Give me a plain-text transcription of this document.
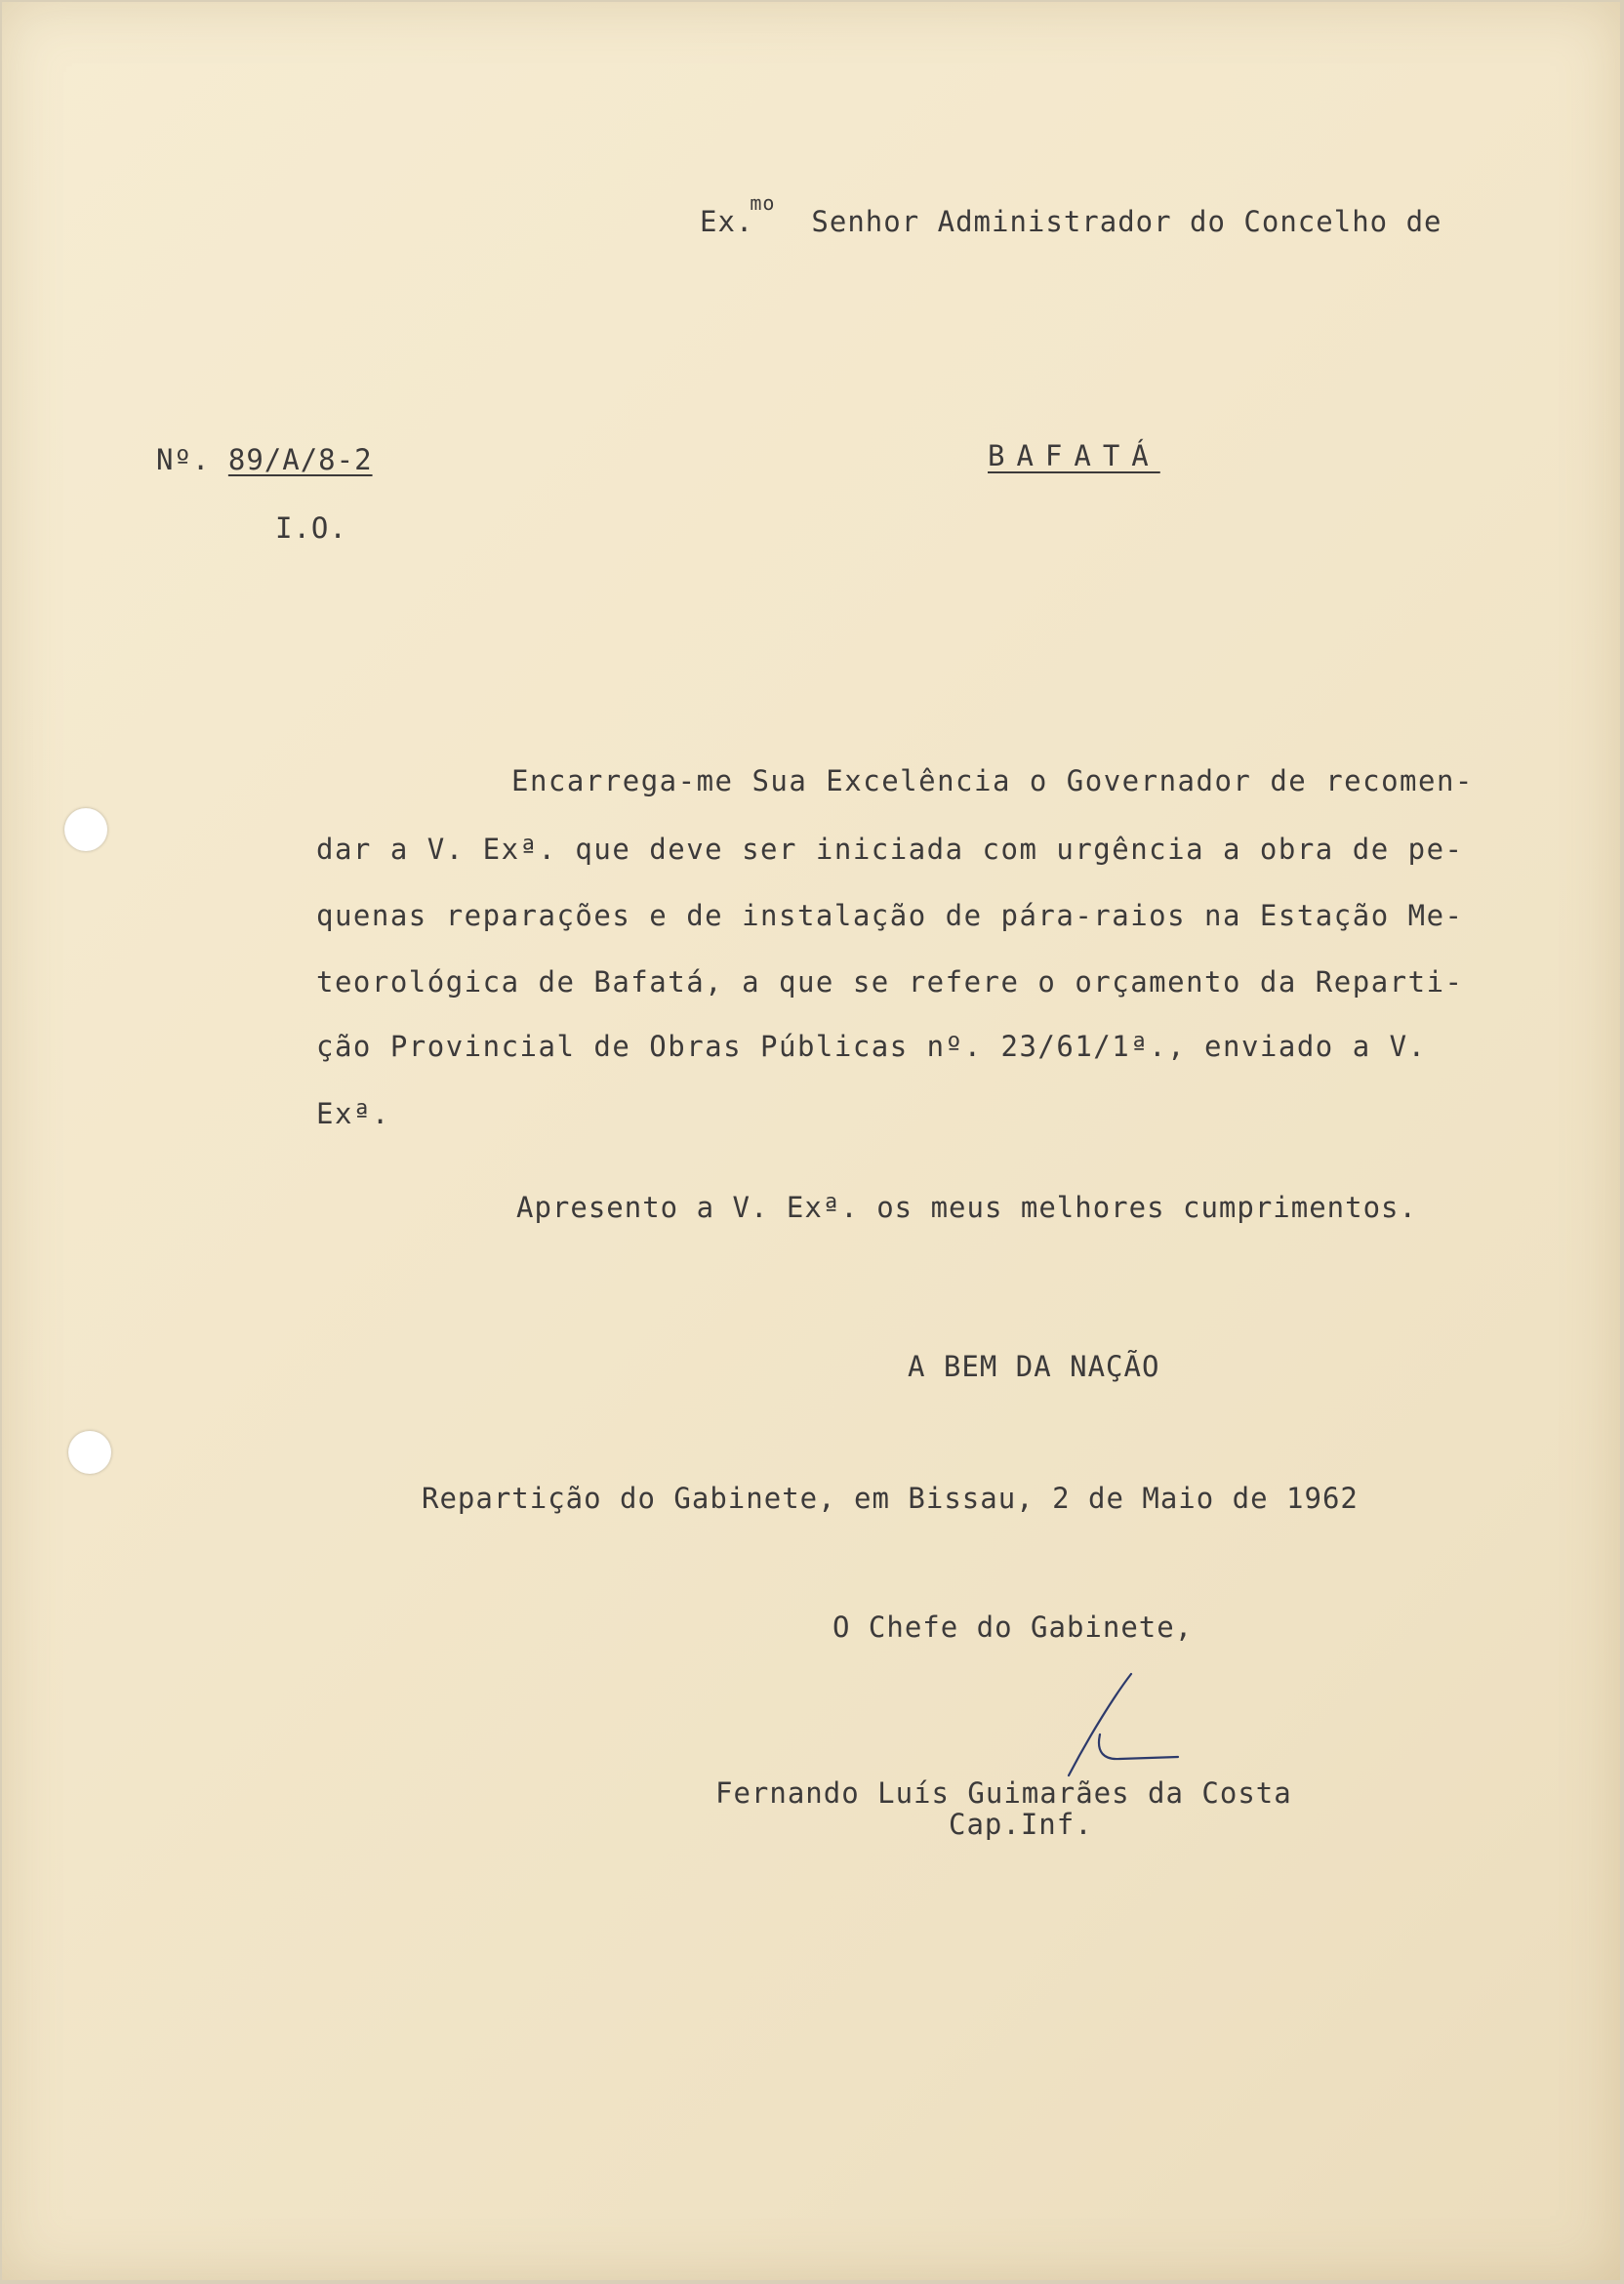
Ex.$^{mo}$  Senhor Administrador do Concelho de
Nº. 89/A/8-2
I.O.
BAFATÁ
Encarrega-me Sua Excelência o Governador de recomen-
dar a V. Exª. que deve ser iniciada com urgência a obra de pe-
quenas reparações e de instalação de pára-raios na Estação Me-
teorológica de Bafatá, a que se refere o orçamento da Reparti-
ção Provincial de Obras Públicas nº. 23/61/1ª., enviado a V.
Exª.
Apresento a V. Exª. os meus melhores cumprimentos.
A BEM DA NAÇÃO
Repartição do Gabinete, em Bissau, 2 de Maio de 1962
O Chefe do Gabinete,
Fernando Luís Guimarães da Costa
Cap.Inf.
